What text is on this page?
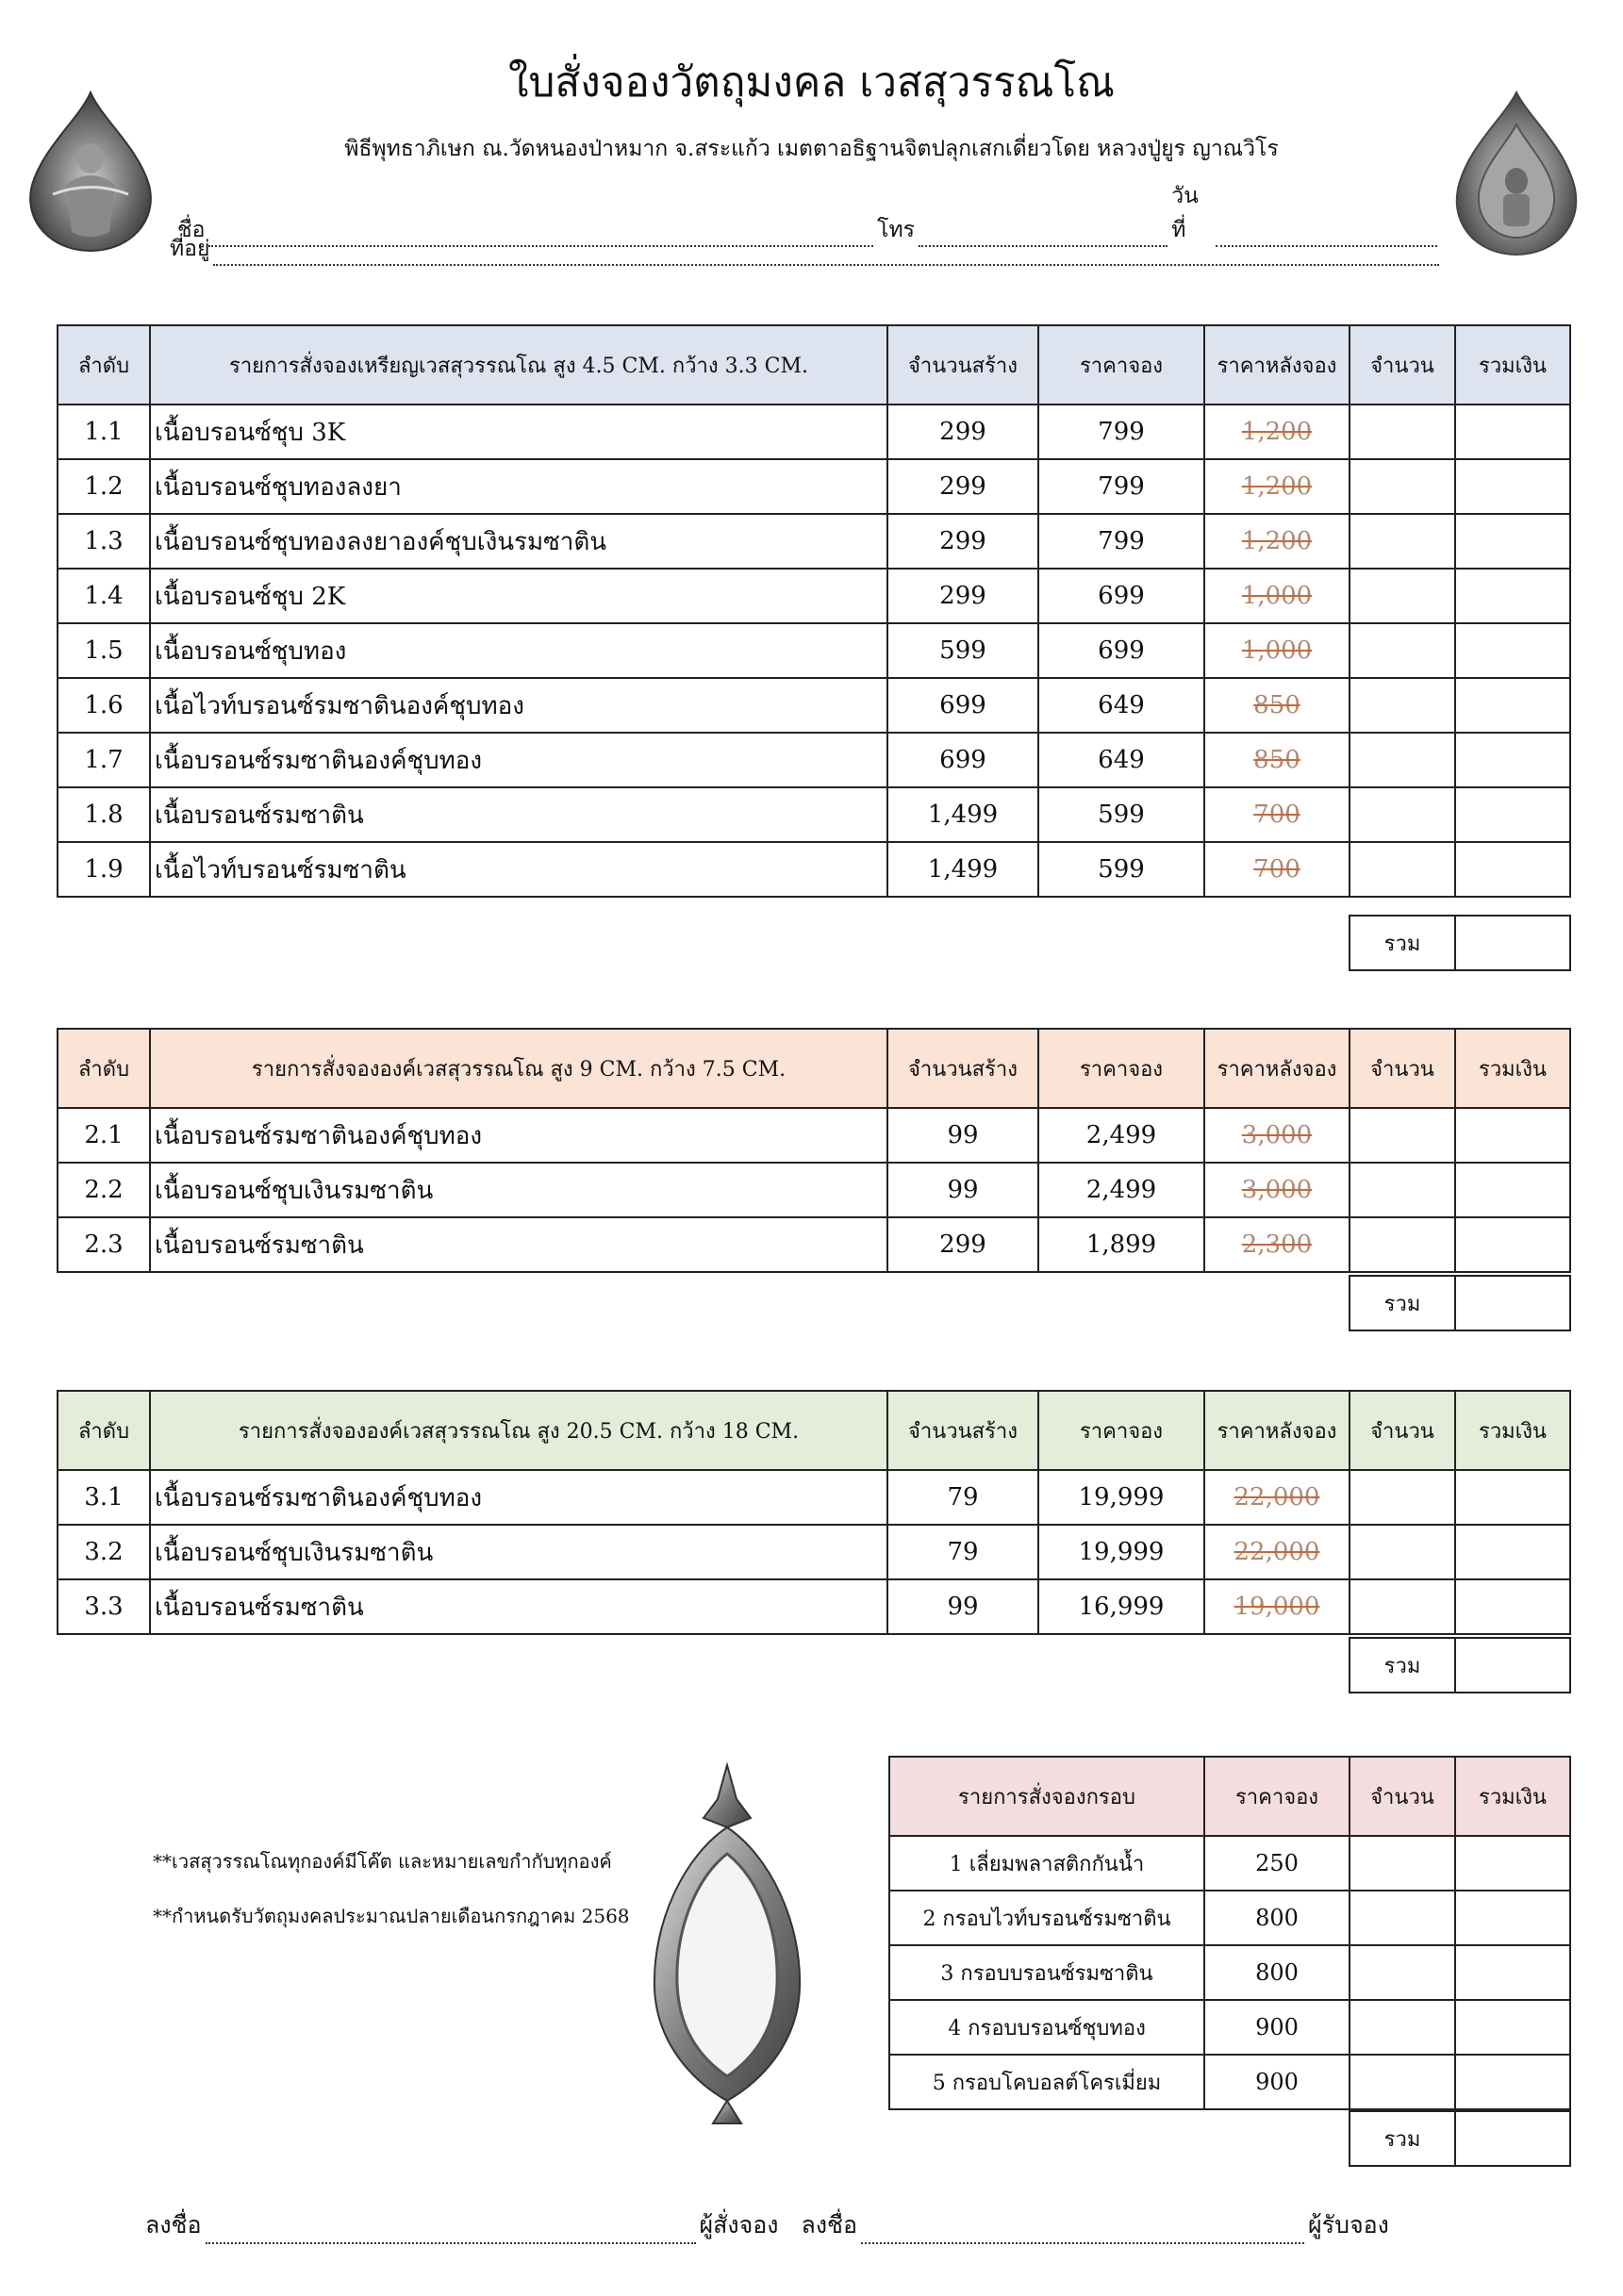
ใบสั่งจองวัตถุมงคล เวสสุวรรณโณ
พิธีพุทธาภิเษก ณ.วัดหนองป่าหมาก จ.สระแก้ว เมตตาอธิฐานจิตปลุกเสกเดี่ยวโดย หลวงปู่ยูร ญาณวิโร
ชื่อ	โทร
วันที่
ที่อยู่
ลำดับ	รายการสั่งจองเหรียญเวสสุวรรณโณ สูง 4.5 CM. กว้าง 3.3 CM.	จำนวนสร้าง	ราคาจอง	ราคาหลังจอง	จำนวน	รวมเงิน
1.1	เนื้อบรอนซ์ชุบ 3K	299	799	1,200		
1.2	เนื้อบรอนซ์ชุบทองลงยา	299	799	1,200		
1.3	เนื้อบรอนซ์ชุบทองลงยาองค์ชุบเงินรมซาติน	299	799	1,200		
1.4	เนื้อบรอนซ์ชุบ 2K	299	699	1,000		
1.5	เนื้อบรอนซ์ชุบทอง	599	699	1,000		
1.6	เนื้อไวท์บรอนซ์รมซาตินองค์ชุบทอง	699	649	850		
1.7	เนื้อบรอนซ์รมซาตินองค์ชุบทอง	699	649	850		
1.8	เนื้อบรอนซ์รมซาติน	1,499	599	700		
1.9	เนื้อไวท์บรอนซ์รมซาติน	1,499	599	700		
รวม	
ลำดับ	รายการสั่งจององค์เวสสุวรรณโณ สูง 9 CM. กว้าง 7.5 CM.	จำนวนสร้าง	ราคาจอง	ราคาหลังจอง	จำนวน	รวมเงิน
2.1	เนื้อบรอนซ์รมซาตินองค์ชุบทอง	99	2,499	3,000		
2.2	เนื้อบรอนซ์ชุบเงินรมซาติน	99	2,499	3,000		
2.3	เนื้อบรอนซ์รมซาติน	299	1,899	2,300		
รวม	
ลำดับ	รายการสั่งจององค์เวสสุวรรณโณ สูง 20.5 CM. กว้าง 18 CM.	จำนวนสร้าง	ราคาจอง	ราคาหลังจอง	จำนวน	รวมเงิน
3.1	เนื้อบรอนซ์รมซาตินองค์ชุบทอง	79	19,999	22,000		
3.2	เนื้อบรอนซ์ชุบเงินรมซาติน	79	19,999	22,000		
3.3	เนื้อบรอนซ์รมซาติน	99	16,999	19,000		
รวม	
**เวสสุวรรณโณทุกองค์มีโค๊ต และหมายเลขกำกับทุกองค์
**กำหนดรับวัตถุมงคลประมาณปลายเดือนกรกฎาคม 2568
รายการสั่งจองกรอบ	ราคาจอง	จำนวน	รวมเงิน
1 เลี่ยมพลาสติกกันน้ำ	250		
2 กรอบไวท์บรอนซ์รมซาติน	800		
3 กรอบบรอนซ์รมซาติน	800		
4 กรอบบรอนซ์ชุบทอง	900		
5 กรอบโคบอลต์โครเมี่ยม	900		
รวม	
ลงชื่อ	ผู้สั่งจอง ลงชื่อ	ผู้รับจอง
